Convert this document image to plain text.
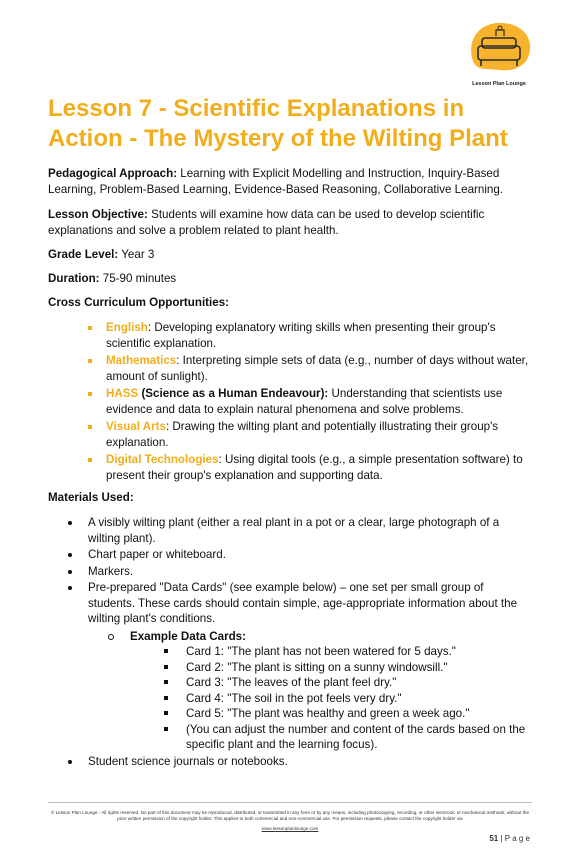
Lesson Plan Lounge
Lesson 7 - Scientific Explanations in Action - The Mystery of the Wilting Plant

Pedagogical Approach: Learning with Explicit Modelling and Instruction, Inquiry-Based Learning, Problem-Based Learning, Evidence-Based Reasoning, Collaborative Learning.

Lesson Objective: Students will examine how data can be used to develop scientific explanations and solve a problem related to plant health.

Grade Level: Year 3

Duration: 75-90 minutes

Cross Curriculum Opportunities:

English: Developing explanatory writing skills when presenting their group's scientific explanation.
Mathematics: Interpreting simple sets of data (e.g., number of days without water, amount of sunlight).
HASS (Science as a Human Endeavour): Understanding that scientists use evidence and data to explain natural phenomena and solve problems.
Visual Arts: Drawing the wilting plant and potentially illustrating their group's explanation.
Digital Technologies: Using digital tools (e.g., a simple presentation software) to present their group's explanation and supporting data.

Materials Used:

A visibly wilting plant (either a real plant in a pot or a clear, large photograph of a wilting plant).
Chart paper or whiteboard.
Markers.
Pre-prepared "Data Cards" (see example below) – one set per small group of students. These cards should contain simple, age-appropriate information about the wilting plant's conditions.
Example Data Cards:
Card 1: "The plant has not been watered for 5 days."
Card 2: "The plant is sitting on a sunny windowsill."
Card 3: "The leaves of the plant feel dry."
Card 4: "The soil in the pot feels very dry."
Card 5: "The plant was healthy and green a week ago."
(You can adjust the number and content of the cards based on the specific plant and the learning focus).
Student science journals or notebooks.
© Lesson Plan Lounge - All rights reserved. No part of this document may be reproduced, distributed, or transmitted in any form or by any means, including photocopying, recording, or other electronic or mechanical methods, without the prior written permission of the copyright holder. This applies to both commercial and non-commercial use. For permission requests, please contact the copyright holder via
www.lessonplanlounge.com
51 | P a g e
